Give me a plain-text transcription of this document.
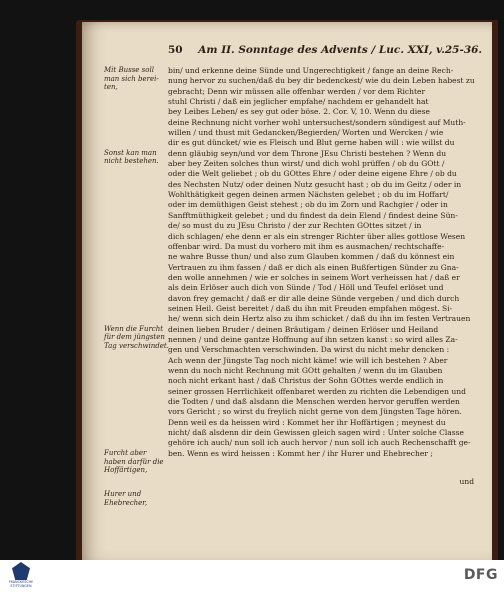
50 Am II. Sonntage des Advents / Luc. XXI, v.25-36.
Mit Busse soll man sich berei-ten,
Sonst kan man nicht bestehen.
Wenn die Furcht für dem jüngsten Tag verschwindet.
Furcht aber haben darfür die Hoffärtigen,
Hurer und Ehebrecher,
bin/ und erkenne deine Sünde und Ungerechtigkeit / fange an deine Rech-
nung hervor zu suchen/daß du bey dir bedenckest/ wie du dein Leben habest zu
gebracht; Denn wir müssen alle offenbar werden / vor dem Richter
stuhl Christi / daß ein jeglicher empfahe/ nachdem er gehandelt hat
bey Leibes Leben/ es sey gut oder böse. 2. Cor. V, 10. Wenn du diese
deine Rechnung nicht vorher wohl untersuchest/sondern sündigest auf Muth-
willen / und thust mit Gedancken/Begierden/ Worten und Wercken / wie
dir es gut düncket/ wie es Fleisch und Blut gerne haben will : wie willst du
denn gläubig seyn/und vor dem Throne JEsu Christi bestehen ? Wenn du
aber bey Zeiten solches thun wirst/ und dich wohl prüffen / ob du GOtt /
oder die Welt geliebet ; ob du GOttes Ehre / oder deine eigene Ehre / ob du
des Nechsten Nutz/ oder deinen Nutz gesucht hast ; ob du im Geitz / oder in
Wohlthätigkeit gegen deinen armen Nächsten gelebet ; ob du im Hoffart/
oder im demüthigen Geist stehest ; ob du im Zorn und Rachgier / oder in
Sanfftmüthigkeit gelebet ; und du findest da dein Elend / findest deine Sün-
de/ so must du zu JEsu Christo / der zur Rechten GOttes sitzet / in
dich schlagen/ ehe denn er als ein strenger Richter über alles gottlose Wesen
offenbar wird. Da must du vorhero mit ihm es ausmachen/ rechtschaffe-
ne wahre Busse thun/ und also zum Glauben kommen / daß du könnest ein
Vertrauen zu ihm fassen / daß er dich als einen Bußfertigen Sünder zu Gna-
den wolle annehmen / wie er solches in seinem Wort verheissen hat / daß er
als dein Erlöser auch dich von Sünde / Tod / Höll und Teufel erlöset und
davon frey gemacht / daß er dir alle deine Sünde vergeben / und dich durch
seinen Heil. Geist bereitet / daß du ihn mit Freuden empfahen mögest. Si-
he/ wenn sich dein Hertz also zu ihm schicket / daß du ihn im festen Vertrauen
deinen lieben Bruder / deinen Bräutigam / deinen Erlöser und Heiland
nennen / und deine gantze Hoffnung auf ihn setzen kanst : so wird alles Za-
gen und Verschmachten verschwinden. Da wirst du nicht mehr dencken :
Ach wenn der Jüngste Tag noch nicht käme! wie will ich bestehen ? Aber
wenn du noch nicht Rechnung mit GOtt gehalten / wenn du im Glauben
noch nicht erkant hast / daß Christus der Sohn GOttes werde endlich in
seiner grossen Herrlichkeit offenbaret werden zu richten die Lebendigen und
die Todten / und daß alsdann die Menschen werden hervor geruffen werden
vors Gericht ; so wirst du freylich nicht gerne von dem Jüngsten Tage hören.
Denn weil es da heissen wird : Kommet her ihr Hoffärtigen ; meynest du
nicht/ daß alsdenn dir dein Gewissen gleich sagen wird : Unter solche Classe
gehöre ich auch/ nun soll ich auch hervor / nun soll ich auch Rechenschafft ge-
ben. Wenn es wird heissen : Kommt her / ihr Hurer und Ehebrecher ;
und
FRANCKESCHE STIFTUNGEN
DFG
